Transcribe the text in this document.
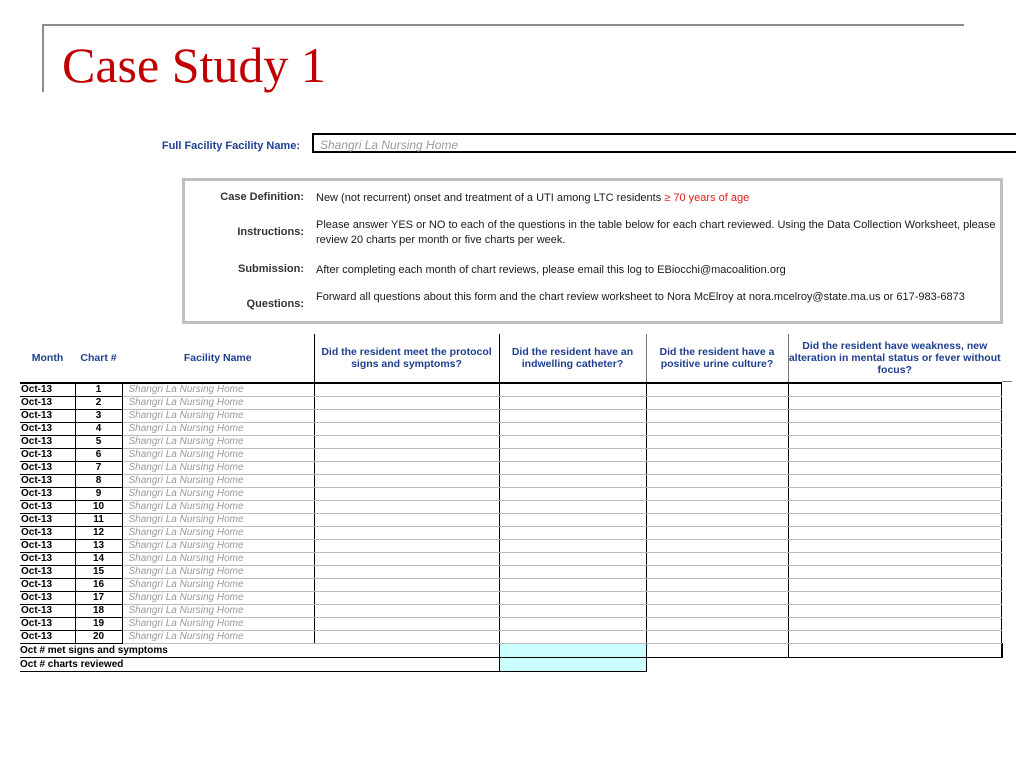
Case Study 1
Full Facility Facility Name:	Shangri La Nursing Home
Case Definition: New (not recurrent) onset and treatment of a UTI among LTC residents ≥ 70 years of age
Instructions:
Please answer YES or NO to each of the questions in the table below for each chart reviewed. Using the Data Collection Worksheet, please review 20 charts per month or five charts per week.
Submission: After completing each month of chart reviews, please email this log to EBiocchi@macoalition.org
Questions:
Forward all questions about this form and the chart review worksheet to Nora McElroy at nora.mcelroy@state.ma.us or 617-983-6873
Month	Chart #	Facility Name	Did the resident meet the protocol signs and symptoms?	Did the resident have an indwelling catheter?	Did the resident have a positive urine culture?	Did the resident have weakness, new alteration in mental status or fever without focus?	
Oct-13	1	Shangri La Nursing Home					
Oct-13	2	Shangri La Nursing Home					
Oct-13	3	Shangri La Nursing Home					
Oct-13	4	Shangri La Nursing Home					
Oct-13	5	Shangri La Nursing Home					
Oct-13	6	Shangri La Nursing Home					
Oct-13	7	Shangri La Nursing Home					
Oct-13	8	Shangri La Nursing Home					
Oct-13	9	Shangri La Nursing Home					
Oct-13	10	Shangri La Nursing Home					
Oct-13	11	Shangri La Nursing Home					
Oct-13	12	Shangri La Nursing Home					
Oct-13	13	Shangri La Nursing Home					
Oct-13	14	Shangri La Nursing Home					
Oct-13	15	Shangri La Nursing Home					
Oct-13	16	Shangri La Nursing Home					
Oct-13	17	Shangri La Nursing Home					
Oct-13	18	Shangri La Nursing Home					
Oct-13	19	Shangri La Nursing Home					
Oct-13	20	Shangri La Nursing Home					
Oct # met signs and symptoms							
Oct # charts reviewed							
